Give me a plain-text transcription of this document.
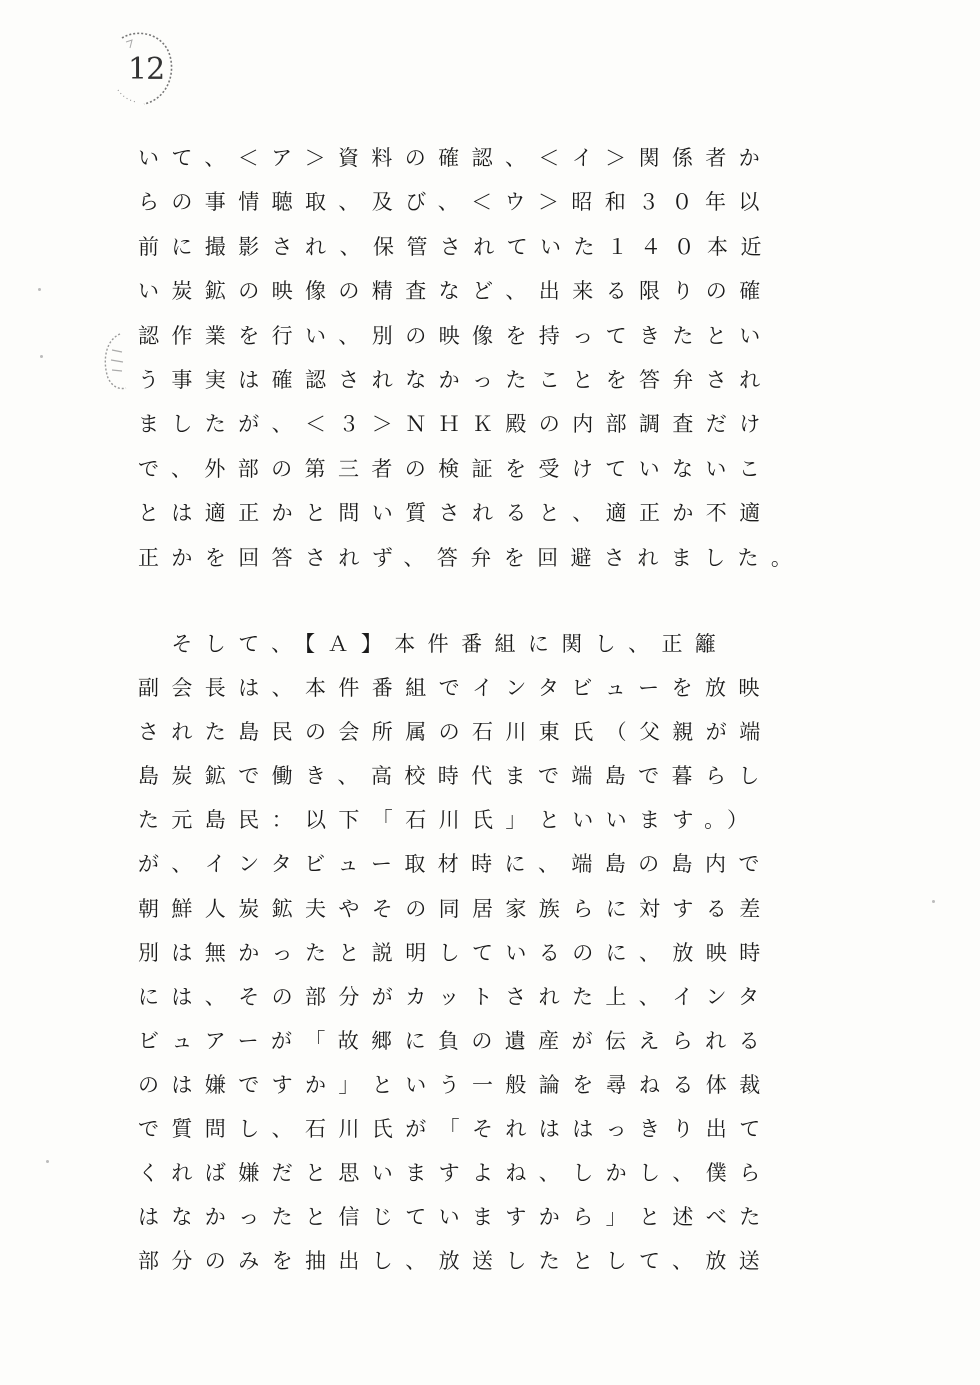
12
いて、＜ア＞資料の確認、＜イ＞関係者か
らの事情聴取、及び、＜ウ＞昭和３０年以
前に撮影され、保管されていた１４０本近
い炭鉱の映像の精査など、出来る限りの確
認作業を行い、別の映像を持ってきたとい
う事実は確認されなかったことを答弁され
ましたが、＜３＞ＮＨＫ殿の内部調査だけ
で、外部の第三者の検証を受けていないこ
とは適正かと問い質されると、適正か不適
正かを回答されず、答弁を回避されました。
　そして、【Ａ】本件番組に関し、正籬
副会長は、本件番組でインタビューを放映
された島民の会所属の石川東氏（父親が端
島炭鉱で働き、高校時代まで端島で暮らし
た元島民：以下「石川氏」といいます。）
が、インタビュー取材時に、端島の島内で
朝鮮人炭鉱夫やその同居家族らに対する差
別は無かったと説明しているのに、放映時
には、その部分がカットされた上、インタ
ビュアーが「故郷に負の遺産が伝えられる
のは嫌ですか」という一般論を尋ねる体裁
で質問し、石川氏が「それははっきり出て
くれば嫌だと思いますよね、しかし、僕ら
はなかったと信じていますから」と述べた
部分のみを抽出し、放送したとして、放送
